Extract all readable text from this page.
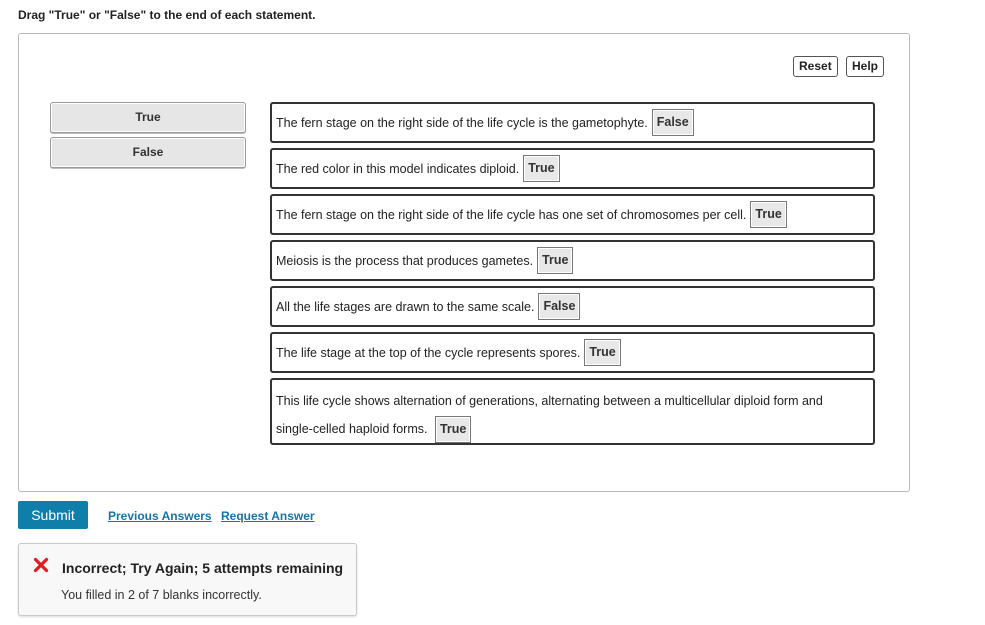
Drag "True" or "False" to the end of each statement.
Reset	Help
True
False
The fern stage on the right side of the life cycle is the gametophyte. False
The red color in this model indicates diploid. True
The fern stage on the right side of the life cycle has one set of chromosomes per cell. True
Meiosis is the process that produces gametes. True
All the life stages are drawn to the same scale. False
The life stage at the top of the cycle represents spores. True
This life cycle shows alternation of generations, alternating between a multicellular diploid form and
single-celled haploid forms. True
Submit	Previous Answers Request Answer
Incorrect; Try Again; 5 attempts remaining
You filled in 2 of 7 blanks incorrectly.
